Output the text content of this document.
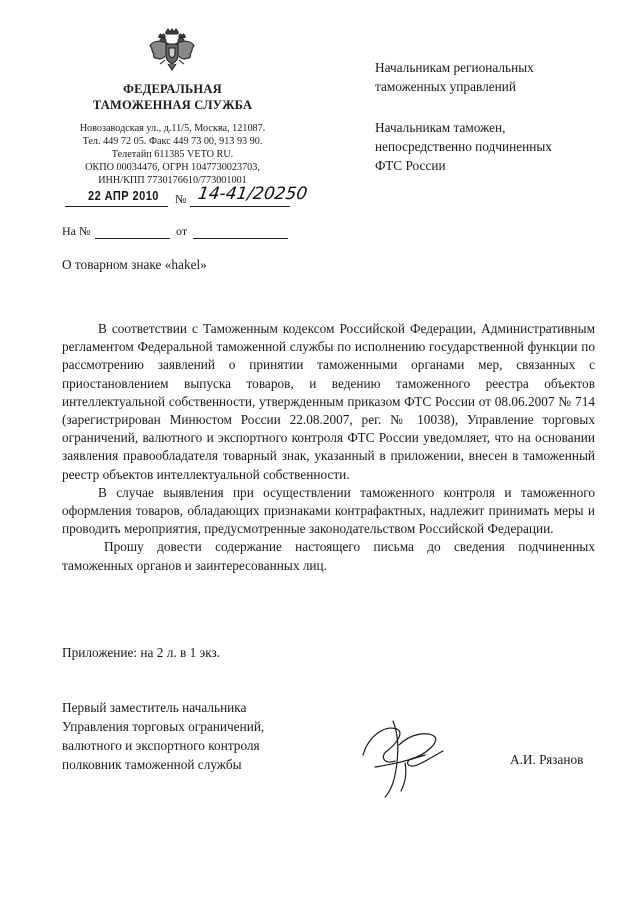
ФЕДЕРАЛЬНАЯ
ТАМОЖЕННАЯ СЛУЖБА
Новозаводская ул., д.11/5, Москва, 121087.
Тел. 449 72 05. Факс 449 73 00, 913 93 90.
Телетайп 611385 VETO RU.
ОКПО 00034476, ОГРН 1047730023703,
ИНН/КПП 7730176610/773001001
22 АПР 2010 № 14-41/20250
На №	от
О товарном знаке «hakel»
Начальникам региональных
таможенных управлений
Начальникам таможен,
непосредственно подчиненных
ФТС России

В соответствии с Таможенным кодексом Российской Федерации, Административным регламентом Федеральной таможенной службы по исполнению государственной функции по рассмотрению заявлений о принятии таможенными органами мер, связанных с приостановлением выпуска товаров, и ведению таможенного реестра объектов интеллектуальной собственности, утвержденным приказом ФТС России от 08.06.2007 № 714 (зарегистрирован Минюстом России 22.08.2007, рег. № 10038), Управление торговых ограничений, валютного и экспортного контроля ФТС России уведомляет, что на основании заявления правообладателя товарный знак, указанный в приложении, внесен в таможенный реестр объектов интеллектуальной собственности.

В случае выявления при осуществлении таможенного контроля и таможенного оформления товаров, обладающих признаками контрафактных, надлежит принимать меры и проводить мероприятия, предусмотренные законодательством Российской Федерации.

Прошу довести содержание настоящего письма до сведения подчиненных таможенных органов и заинтересованных лиц.

Приложение: на 2 л. в 1 экз.
Первый заместитель начальника
Управления торговых ограничений,
валютного и экспортного контроля
полковник таможенной службы	А.И. Рязанов
